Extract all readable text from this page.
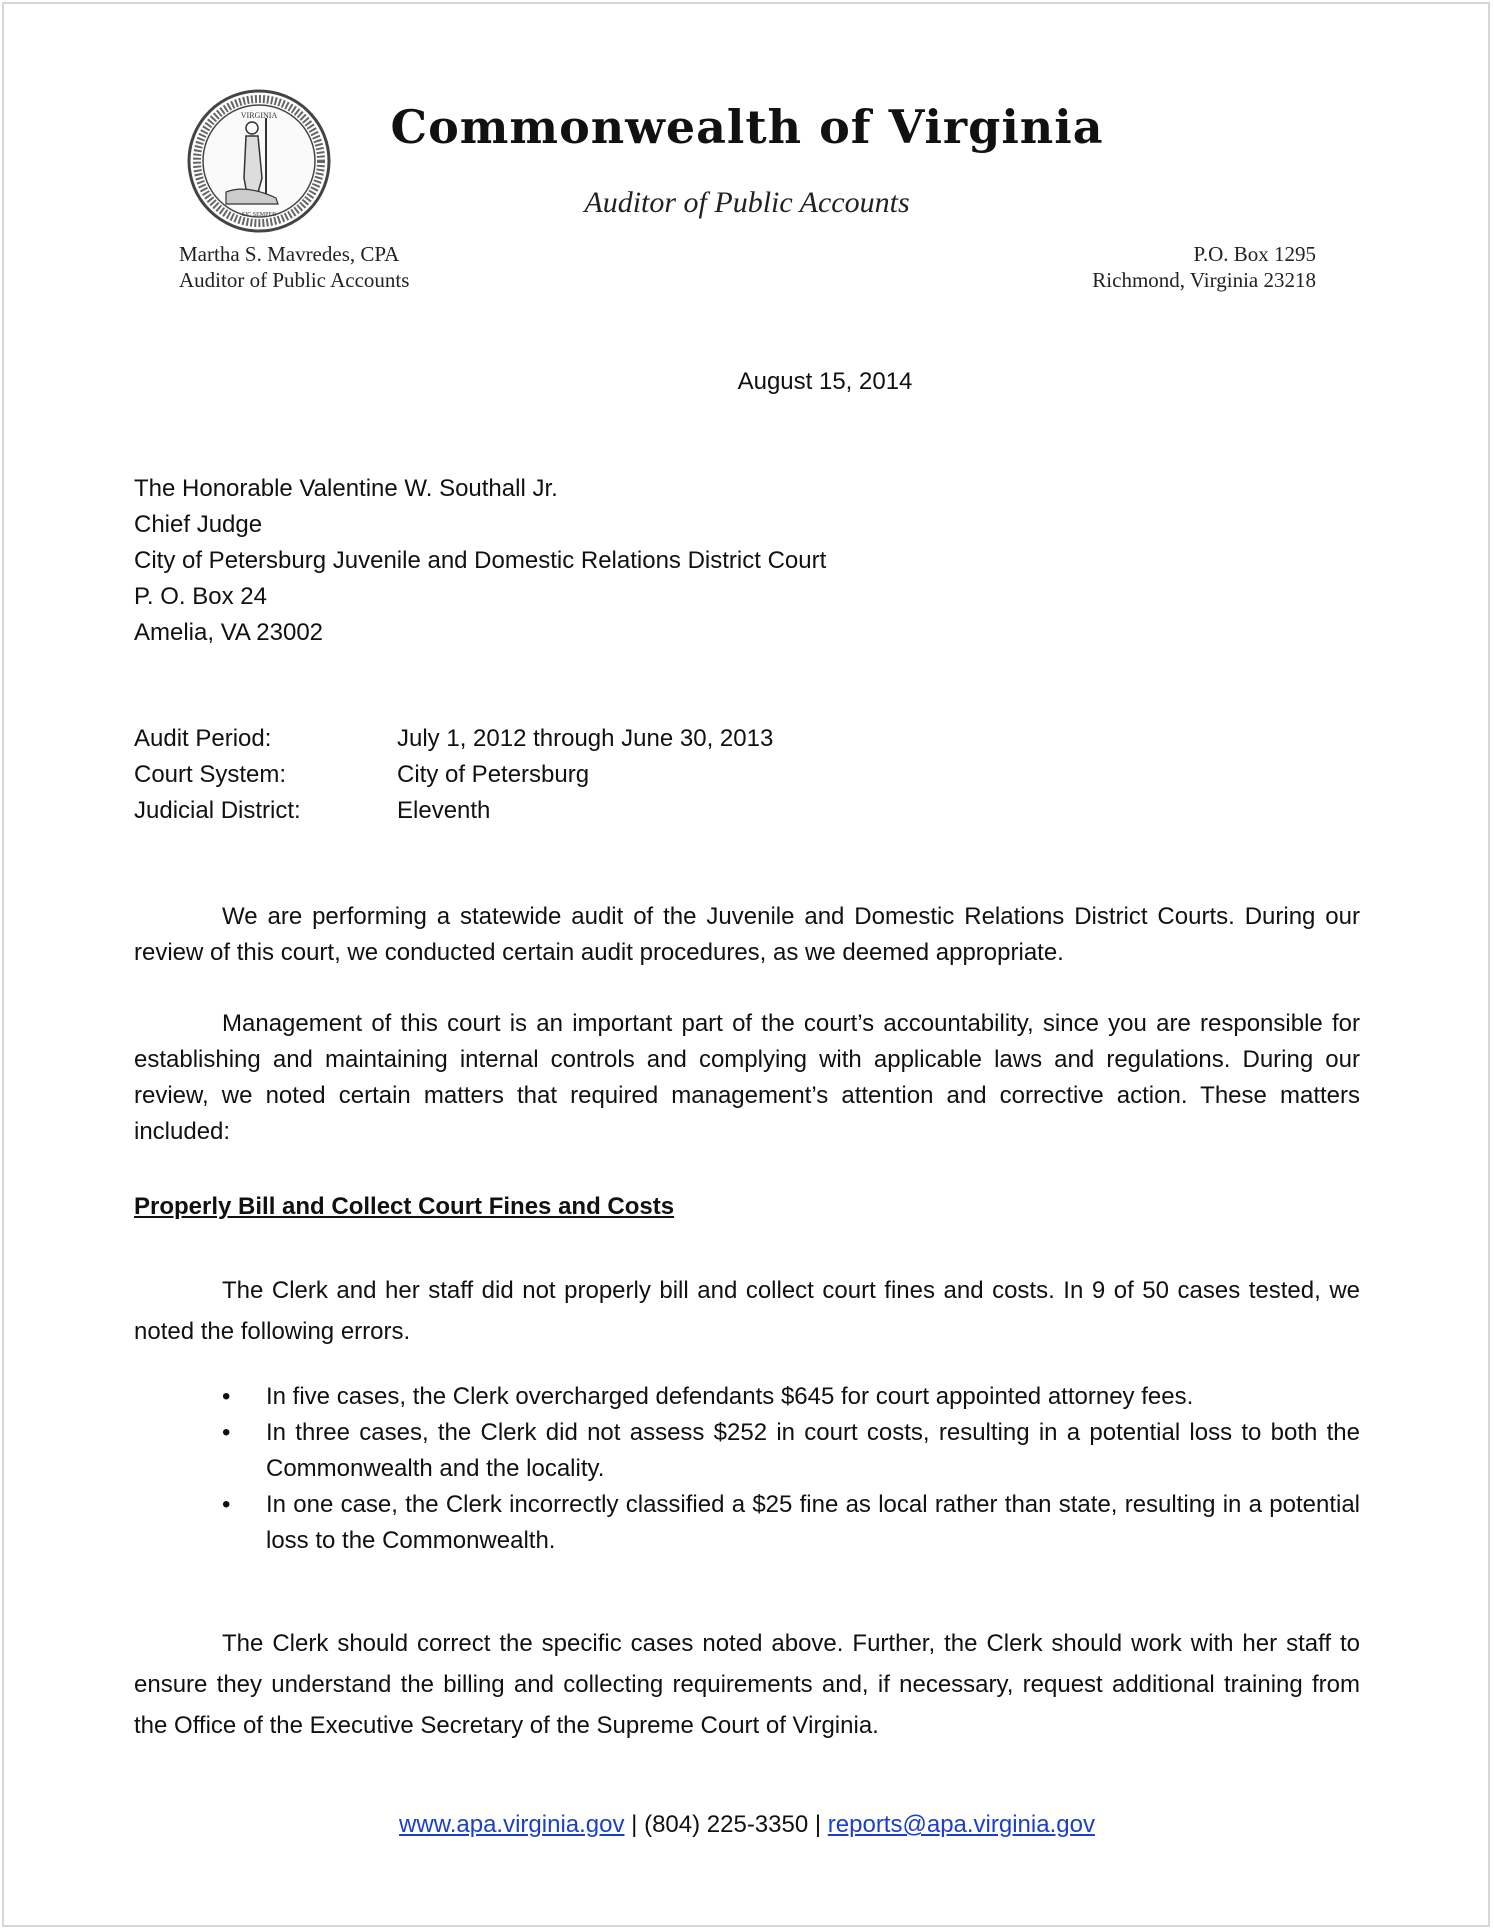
VIRGINIA
SIC SEMPER
Commonwealth of Virginia
Auditor of Public Accounts
Martha S. Mavredes, CPA
Auditor of Public Accounts
P.O. Box 1295
Richmond, Virginia 23218
August 15, 2014
The Honorable Valentine W. Southall Jr.
Chief Judge
City of Petersburg Juvenile and Domestic Relations District Court
P. O. Box 24
Amelia, VA 23002
Audit Period:	July 1, 2012 through June 30, 2013
Court System:	City of Petersburg
Judicial District:	Eleventh
We are performing a statewide audit of the Juvenile and Domestic Relations District Courts. During our review of this court, we conducted certain audit procedures, as we deemed appropriate.
Management of this court is an important part of the court’s accountability, since you are responsible for establishing and maintaining internal controls and complying with applicable laws and regulations. During our review, we noted certain matters that required management’s attention and corrective action. These matters included:
Properly Bill and Collect Court Fines and Costs
The Clerk and her staff did not properly bill and collect court fines and costs. In 9 of 50 cases tested, we noted the following errors.
• In five cases, the Clerk overcharged defendants $645 for court appointed attorney fees.
• In three cases, the Clerk did not assess $252 in court costs, resulting in a potential loss to both the Commonwealth and the locality.
• In one case, the Clerk incorrectly classified a $25 fine as local rather than state, resulting in a potential loss to the Commonwealth.
The Clerk should correct the specific cases noted above. Further, the Clerk should work with her staff to ensure they understand the billing and collecting requirements and, if necessary, request additional training from the Office of the Executive Secretary of the Supreme Court of Virginia.
www.apa.virginia.gov | (804) 225-3350 | reports@apa.virginia.gov
